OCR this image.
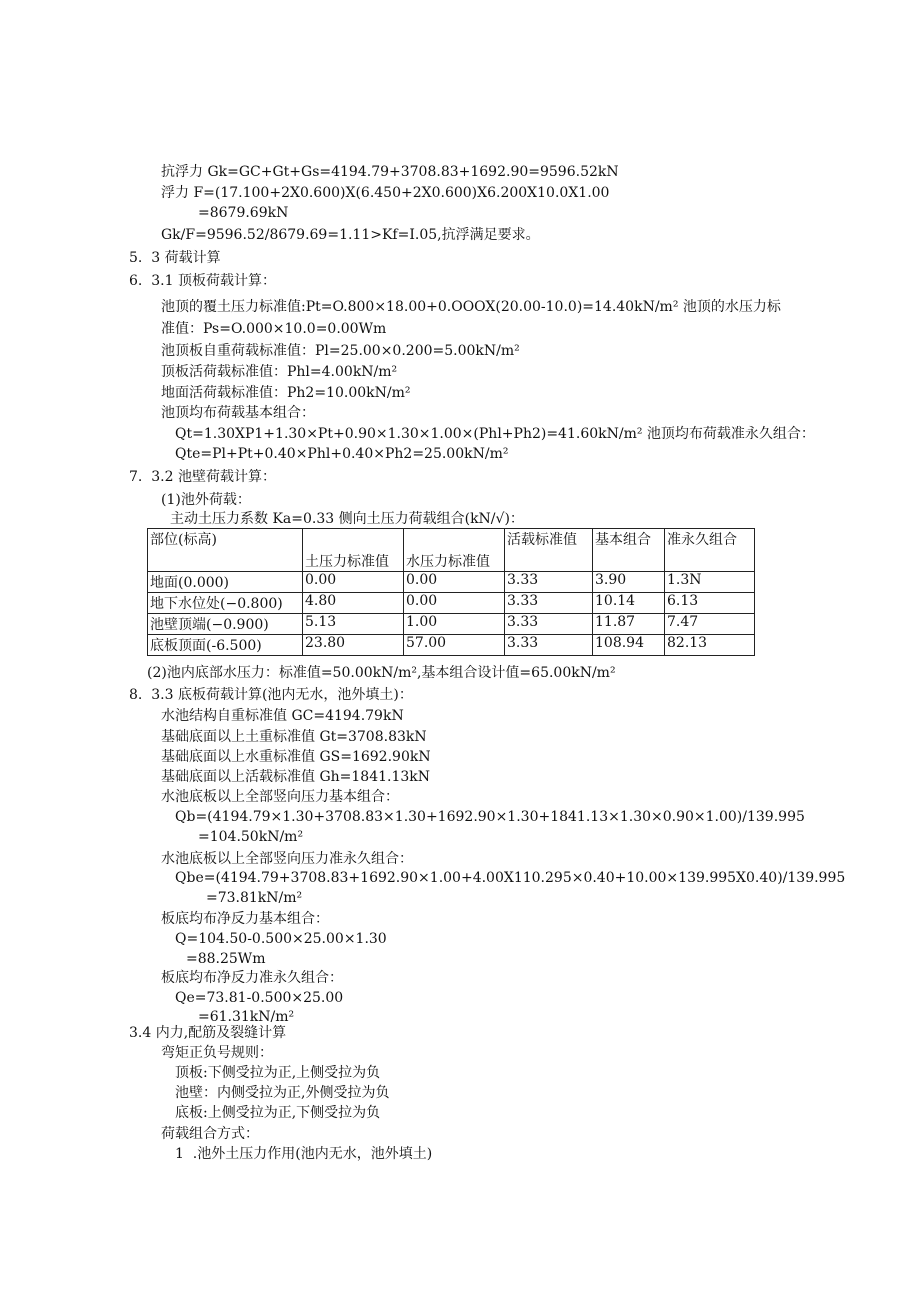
抗浮力 Gk=GC+Gt+Gs=4194.79+3708.83+1692.90=9596.52kN
浮力 F=(17.100+2X0.600)X(6.450+2X0.600)X6.200X10.0X1.00
=8679.69kN
Gk/F=9596.52/8679.69=1.11>Kf=I.05,抗浮满足要求。
5.  3 荷载计算
6.  3.1 顶板荷载计算：
池顶的覆土压力标准值:Pt=O.800×18.00+0.OOOX(20.00-10.0)=14.40kN/m² 池顶的水压力标
准值：Ps=O.000×10.0=0.00Wm
池顶板自重荷载标准值：Pl=25.00×0.200=5.00kN/m²
顶板活荷载标准值：Phl=4.00kN/m²
地面活荷载标准值：Ph2=10.00kN/m²
池顶均布荷载基本组合：
Qt=1.30XP1+1.30×Pt+0.90×1.30×1.00×(Phl+Ph2)=41.60kN/m² 池顶均布荷载准永久组合：
Qte=Pl+Pt+0.40×Phl+0.40×Ph2=25.00kN/m²
7.  3.2 池壁荷载计算：
(1)池外荷载：
主动土压力系数 Ka=0.33 侧向土压力荷载组合(kN/√)：
部位(标高)	土压力标准值	水压力标准值	活载标准值	基本组合	准永久组合
地面(0.000)	0.00	0.00	3.33	3.90	1.3N
地下水位处(−0.800)	4.80	0.00	3.33	10.14	6.13
池壁顶端(−0.900)	5.13	1.00	3.33	11.87	7.47
底板顶面(-6.500)	23.80	57.00	3.33	108.94	82.13
(2)池内底部水压力：标准值=50.00kN/m²,基本组合设计值=65.00kN/m²
8.  3.3 底板荷载计算(池内无水，池外填土)：
水池结构自重标准值 GC=4194.79kN
基础底面以上土重标准值 Gt=3708.83kN
基础底面以上水重标准值 GS=1692.90kN
基础底面以上活载标准值 Gh=1841.13kN
水池底板以上全部竖向压力基本组合：
Qb=(4194.79×1.30+3708.83×1.30+1692.90×1.30+1841.13×1.30×0.90×1.00)/139.995
=104.50kN/m²
水池底板以上全部竖向压力准永久组合：
Qbe=(4194.79+3708.83+1692.90×1.00+4.00X110.295×0.40+10.00×139.995X0.40)/139.995
=73.81kN/m²
板底均布净反力基本组合：
Q=104.50-0.500×25.00×1.30
=88.25Wm
板底均布净反力准永久组合：
Qe=73.81-0.500×25.00
=61.31kN/m²
3.4 内力,配筋及裂缝计算
弯矩正负号规则：
顶板:下侧受拉为正,上侧受拉为负
池壁：内侧受拉为正,外侧受拉为负
底板:上侧受拉为正,下侧受拉为负
荷载组合方式：
1  .池外土压力作用(池内无水，池外填土)
